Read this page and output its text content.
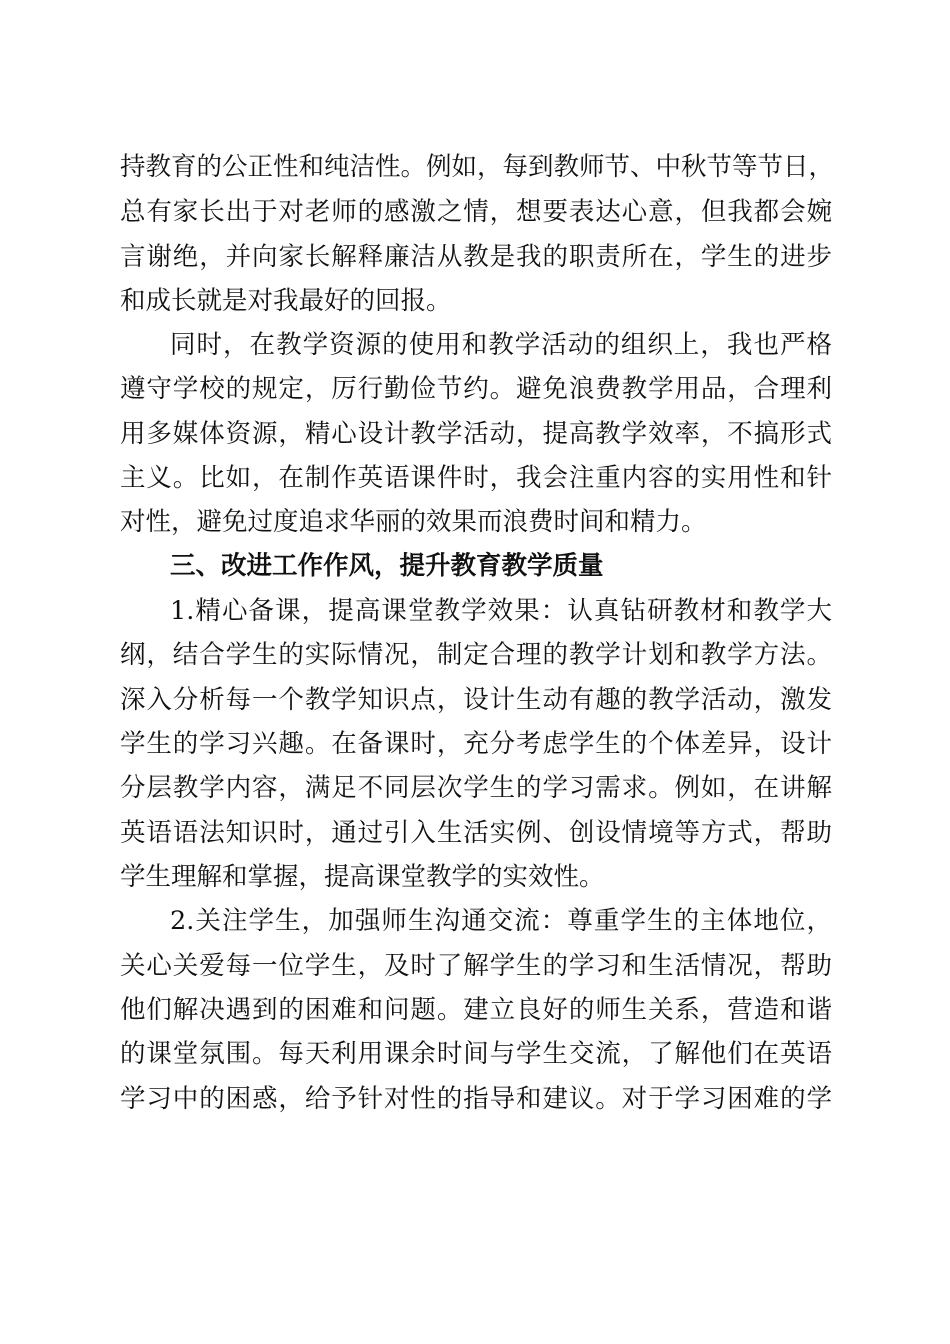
持教育的公正性和纯洁性。例如，每到教师节、中秋节等节日，
总有家长出于对老师的感激之情，想要表达心意，但我都会婉
言谢绝，并向家长解释廉洁从教是我的职责所在，学生的进步
和成长就是对我最好的回报。
同时，在教学资源的使用和教学活动的组织上，我也严格
遵守学校的规定，厉行勤俭节约。避免浪费教学用品，合理利
用多媒体资源，精心设计教学活动，提高教学效率，不搞形式
主义。比如，在制作英语课件时，我会注重内容的实用性和针
对性，避免过度追求华丽的效果而浪费时间和精力。
三、改进工作作风，提升教育教学质量
1.精心备课，提高课堂教学效果：认真钻研教材和教学大
纲，结合学生的实际情况，制定合理的教学计划和教学方法。
深入分析每一个教学知识点，设计生动有趣的教学活动，激发
学生的学习兴趣。在备课时，充分考虑学生的个体差异，设计
分层教学内容，满足不同层次学生的学习需求。例如，在讲解
英语语法知识时，通过引入生活实例、创设情境等方式，帮助
学生理解和掌握，提高课堂教学的实效性。
2.关注学生，加强师生沟通交流：尊重学生的主体地位，
关心关爱每一位学生，及时了解学生的学习和生活情况，帮助
他们解决遇到的困难和问题。建立良好的师生关系，营造和谐
的课堂氛围。每天利用课余时间与学生交流，了解他们在英语
学习中的困惑，给予针对性的指导和建议。对于学习困难的学
